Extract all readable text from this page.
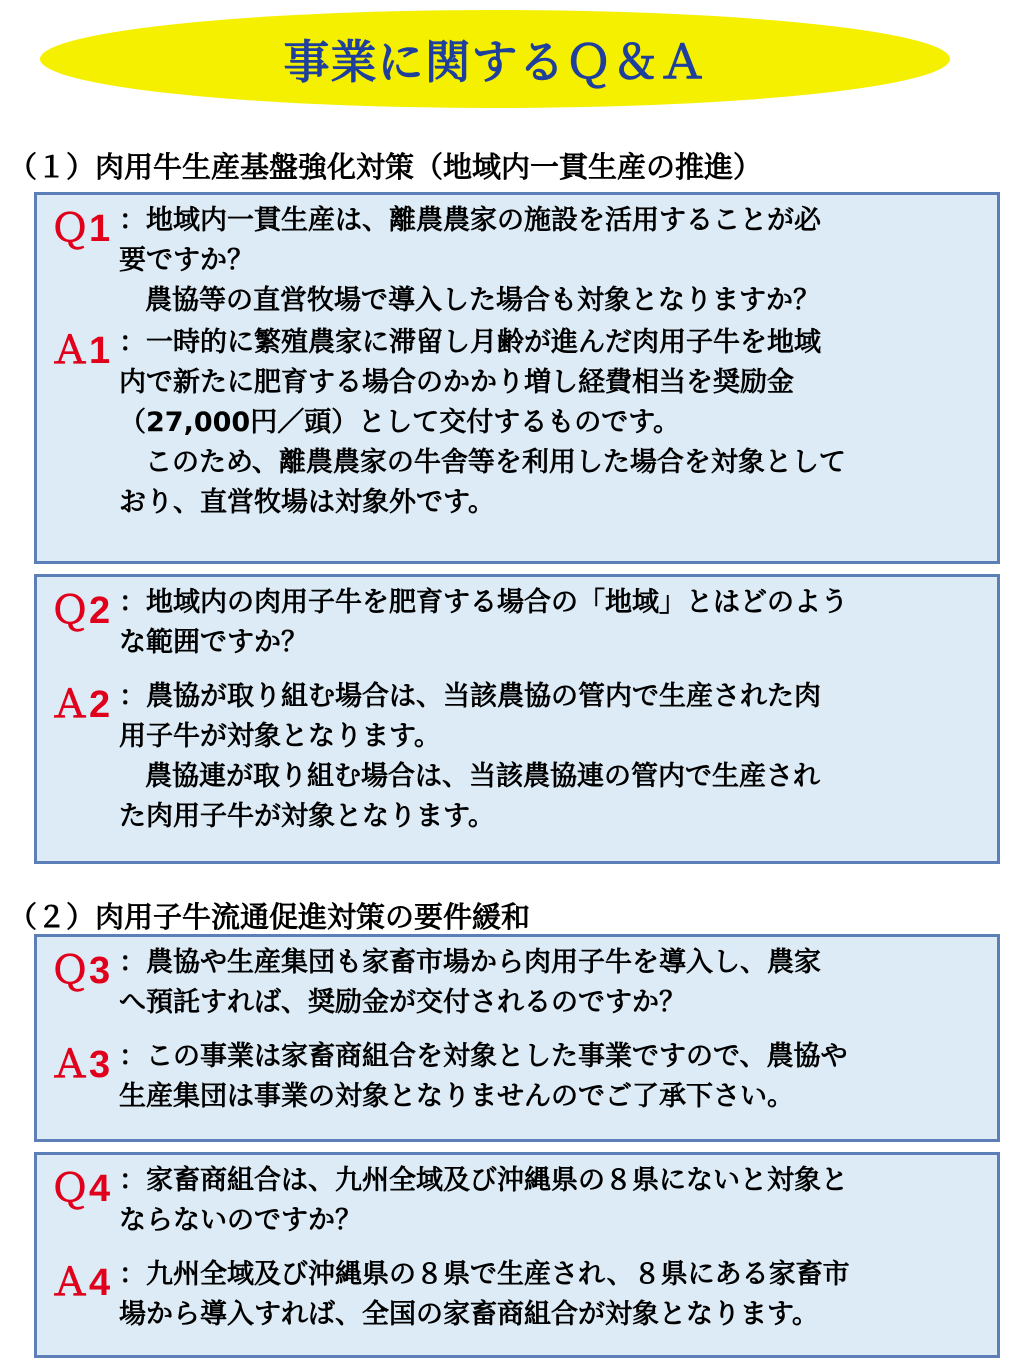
事業に関するＱ＆Ａ
（１）肉用牛生産基盤強化対策（地域内一貫生産の推進）
Ｑ1 ：地域内一貫生産は、離農農家の施設を活用することが必
要ですか？
農協等の直営牧場で導入した場合も対象となりますか？
Ａ1 ：一時的に繁殖農家に滞留し月齢が進んだ肉用子牛を地域
内で新たに肥育する場合のかかり増し経費相当を奨励金
（27,000円／頭）として交付するものです。
このため、離農農家の牛舎等を利用した場合を対象として
おり、直営牧場は対象外です。
Ｑ2 ：地域内の肉用子牛を肥育する場合の「地域」とはどのよう
な範囲ですか？
Ａ2 ：農協が取り組む場合は、当該農協の管内で生産された肉
用子牛が対象となります。
農協連が取り組む場合は、当該農協連の管内で生産され
た肉用子牛が対象となります。
（２）肉用子牛流通促進対策の要件緩和
Ｑ3 ：農協や生産集団も家畜市場から肉用子牛を導入し、農家
へ預託すれば、奨励金が交付されるのですか？
Ａ3 ：この事業は家畜商組合を対象とした事業ですので、農協や
生産集団は事業の対象となりませんのでご了承下さい。
Ｑ4 ：家畜商組合は、九州全域及び沖縄県の８県にないと対象と
ならないのですか？
Ａ4 ：九州全域及び沖縄県の８県で生産され、８県にある家畜市
場から導入すれば、全国の家畜商組合が対象となります。
